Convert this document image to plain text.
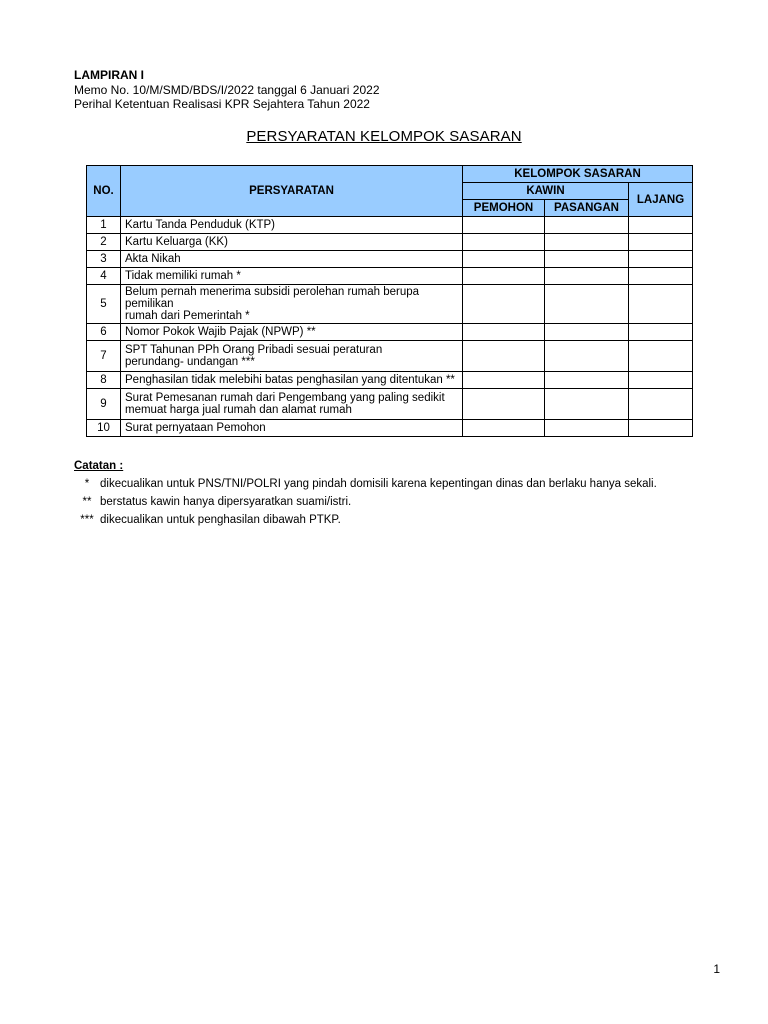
LAMPIRAN I
Memo No. 10/M/SMD/BDS/I/2022 tanggal 6 Januari 2022
Perihal Ketentuan Realisasi KPR Sejahtera Tahun 2022
PERSYARATAN KELOMPOK SASARAN
NO.	PERSYARATAN	KELOMPOK SASARAN		
		KAWIN		LAJANG
		PEMOHON	PASANGAN	
1	Kartu Tanda Penduduk (KTP)			
2	Kartu Keluarga (KK)			
3	Akta Nikah			
4	Tidak memiliki rumah *			
5	Belum pernah menerima subsidi perolehan rumah berupa
pemilikan
rumah dari Pemerintah *			

6	Nomor Pokok Wajib Pajak (NPWP) **			
7	SPT Tahunan PPh Orang Pribadi sesuai peraturan
perundang- undangan ***			

8	Penghasilan tidak melebihi batas penghasilan yang ditentukan **			
9	Surat Pemesanan rumah dari Pengembang yang paling sedikit
memuat harga jual rumah dan alamat rumah			

10	Surat pernyataan Pemohon			
Catatan :
* dikecualikan untuk PNS/TNI/POLRI yang pindah domisili karena kepentingan dinas dan berlaku hanya sekali.
** berstatus kawin hanya dipersyaratkan suami/istri.
*** dikecualikan untuk penghasilan dibawah PTKP.
1
